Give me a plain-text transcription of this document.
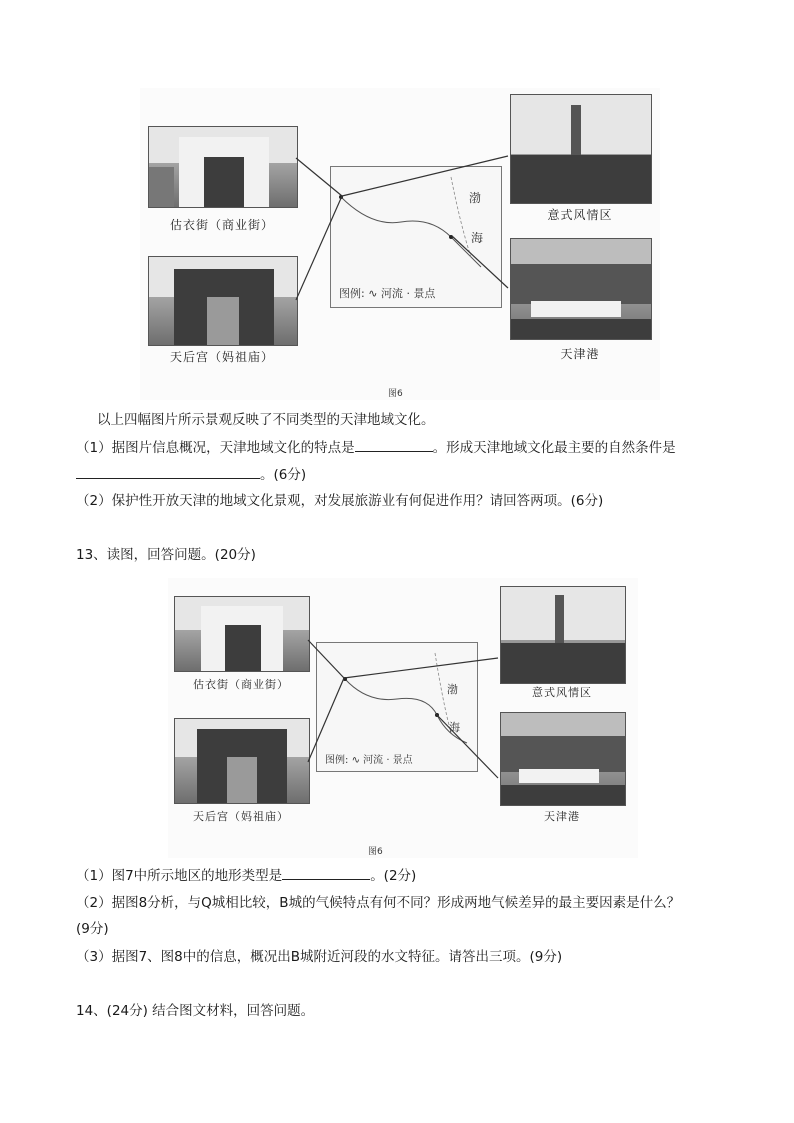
估衣街（商业街）
天后宫（妈祖庙）
渤
海
图例: ∿ 河流 · 景点
意式风情区
天津港
图6
以上四幅图片所示景观反映了不同类型的天津地域文化。
（1）据图片信息概况，天津地域文化的特点是	。形成天津地域文化最主要的自然条件是
。(6分)
（2）保护性开放天津的地域文化景观，对发展旅游业有何促进作用？请回答两项。(6分)
13、读图，回答问题。(20分)
估衣街（商业街）
天后宫（妈祖庙）
渤
海
图例: ∿ 河流 · 景点
意式风情区
天津港
图6
（1）图7中所示地区的地形类型是	。(2分)
（2）据图8分析，与Q城相比较，B城的气候特点有何不同？形成两地气候差异的最主要因素是什么？
(9分)
（3）据图7、图8中的信息，概况出B城附近河段的水文特征。请答出三项。(9分)
14、(24分) 结合图文材料，回答问题。
